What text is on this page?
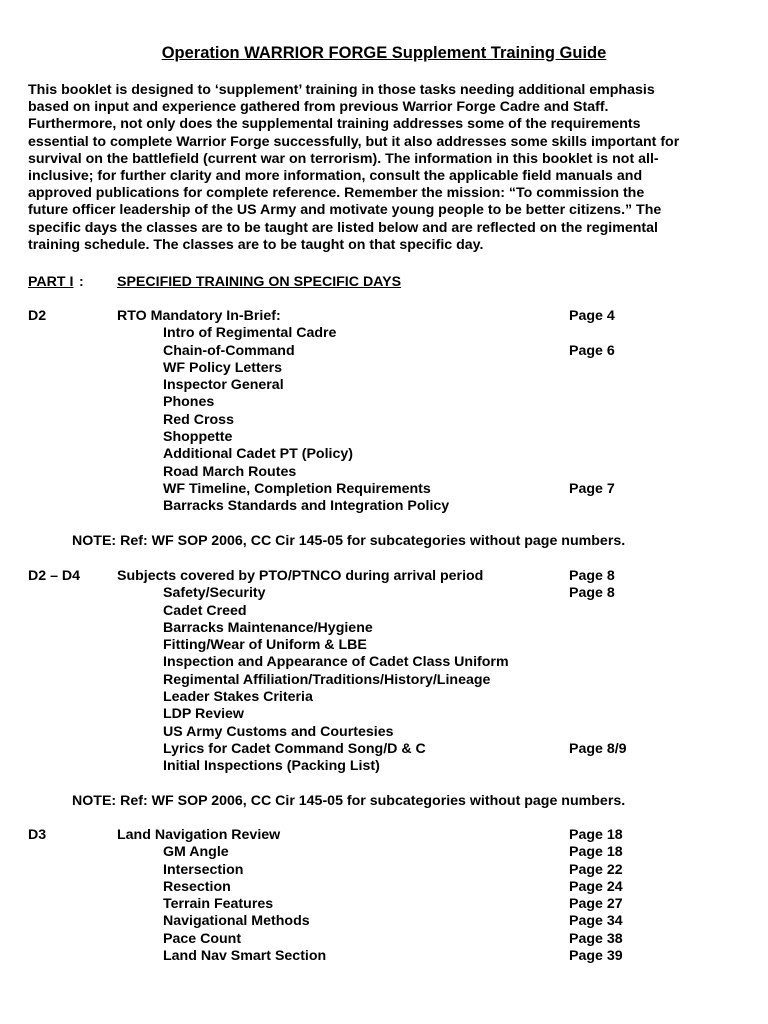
Operation WARRIOR FORGE Supplement Training Guide
This booklet is designed to ‘supplement’ training in those tasks needing additional emphasis
based on input and experience gathered from previous Warrior Forge Cadre and Staff.
Furthermore, not only does the supplemental training addresses some of the requirements
essential to complete Warrior Forge successfully, but it also addresses some skills important for
survival on the battlefield (current war on terrorism). The information in this booklet is not all-
inclusive; for further clarity and more information, consult the applicable field manuals and
approved publications for complete reference. Remember the mission: “To commission the
future officer leadership of the US Army and motivate young people to be better citizens.” The
specific days the classes are to be taught are listed below and are reflected on the regimental
training schedule. The classes are to be taught on that specific day.
PART I : SPECIFIED TRAINING ON SPECIFIC DAYS
D2	RTO Mandatory In-Brief:	Page 4
Intro of Regimental Cadre
Chain-of-Command	Page 6
WF Policy Letters
Inspector General
Phones
Red Cross
Shoppette
Additional Cadet PT (Policy)
Road March Routes
WF Timeline, Completion Requirements	Page 7
Barracks Standards and Integration Policy
NOTE: Ref: WF SOP 2006, CC Cir 145-05 for subcategories without page numbers.
D2 – D4	Subjects covered by PTO/PTNCO during arrival period	Page 8
Safety/Security	Page 8
Cadet Creed
Barracks Maintenance/Hygiene
Fitting/Wear of Uniform & LBE
Inspection and Appearance of Cadet Class Uniform
Regimental Affiliation/Traditions/History/Lineage
Leader Stakes Criteria
LDP Review
US Army Customs and Courtesies
Lyrics for Cadet Command Song/D & C	Page 8/9
Initial Inspections (Packing List)
NOTE: Ref: WF SOP 2006, CC Cir 145-05 for subcategories without page numbers.
D3	Land Navigation Review	Page 18
GM Angle	Page 18
Intersection	Page 22
Resection	Page 24
Terrain Features	Page 27
Navigational Methods	Page 34
Pace Count	Page 38
Land Nav Smart Section	Page 39
